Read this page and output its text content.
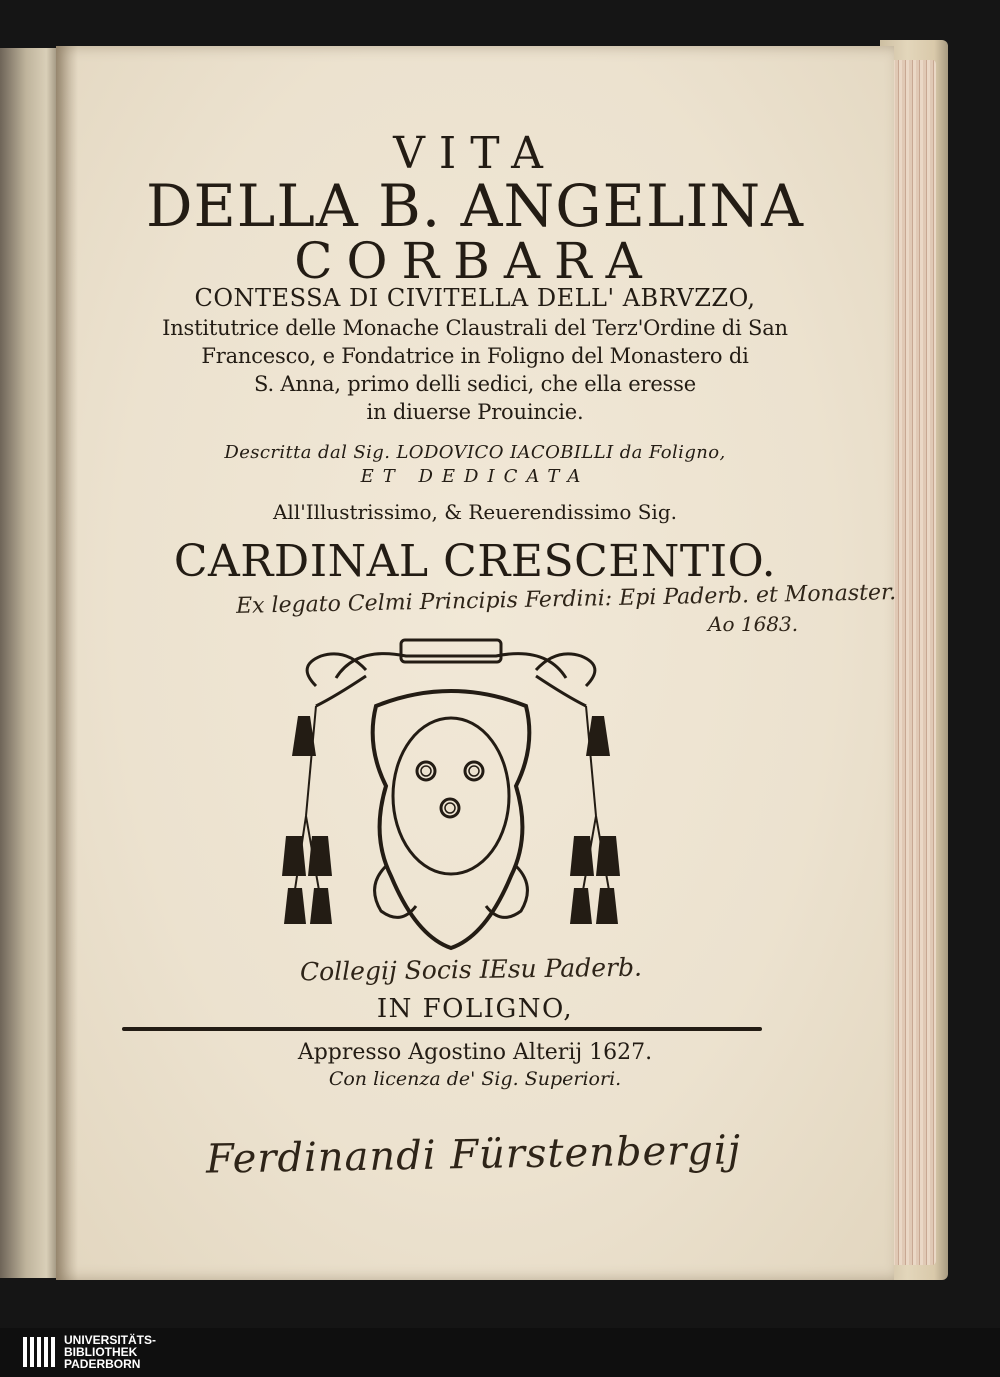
VITA
DELLA B. ANGELINA
CORBARA
CONTESSA DI CIVITELLA DELL' ABRVZZO,
Institutrice delle Monache Claustrali del Terz'Ordine di San
Francesco, e Fondatrice in Foligno del Monastero di
S. Anna, primo delli sedici, che ella eresse
in diuerse Prouincie.
Descritta dal Sig. LODOVICO IACOBILLI da Foligno,
ET DEDICATA
All'Illustrissimo, & Reuerendissimo Sig.
CARDINAL CRESCENTIO.
Ex legato Celmi Principis Ferdini: Epi Paderb. et Monaster.
Ao 1683.
Collegij Socis IEsu Paderb.
IN FOLIGNO,
Appresso Agostino Alterij 1627.
Con licenza de' Sig. Superiori.
Ferdinandi Fürstenbergij
UNIVERSITÄTS-
BIBLIOTHEK
PADERBORN
